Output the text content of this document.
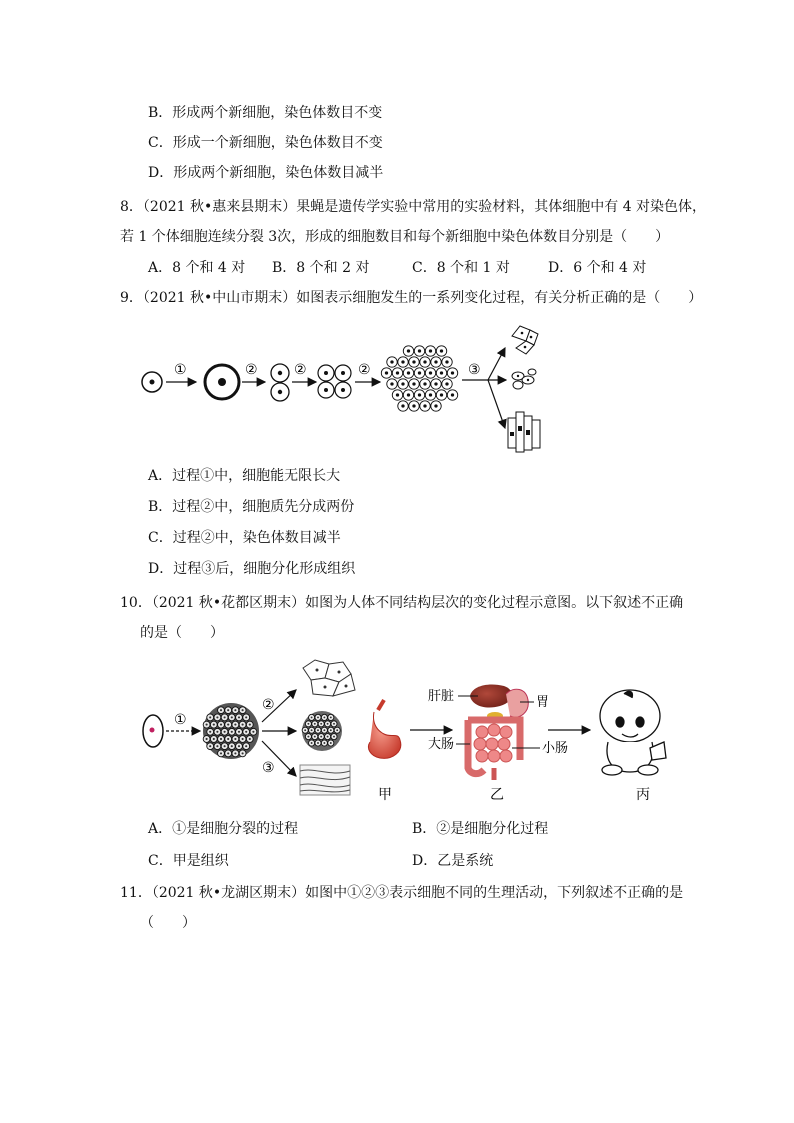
B．形成两个新细胞，染色体数目不变
C．形成一个新细胞，染色体数目不变
D．形成两个新细胞，染色体数目减半
8．（2021 秋•惠来县期末）果蝇是遗传学实验中常用的实验材料，其体细胞中有 4 对染色体，
若 1 个体细胞连续分裂 3次，形成的细胞数目和每个新细胞中染色体数目分别是（　　）
A．8 个和 4 对 B．8 个和 2 对	C．8 个和 1 对	D．6 个和 4 对
9．（2021 秋•中山市期末）如图表示细胞发生的一系列变化过程，有关分析正确的是（　　）
①	②	②	②	③
A．过程①中，细胞能无限长大
B．过程②中，细胞质先分成两份
C．过程②中，染色体数目减半
D．过程③后，细胞分化形成组织
10．（2021 秋•花都区期末）如图为人体不同结构层次的变化过程示意图。以下叙述不正确
的是（　　）
①
②
③
甲
肝脏	胃
大肠	小肠
乙	丙
A．①是细胞分裂的过程	B．②是细胞分化过程
C．甲是组织	D．乙是系统
11．（2021 秋•龙湖区期末）如图中①②③表示细胞不同的生理活动，下列叙述不正确的是
（　　）
